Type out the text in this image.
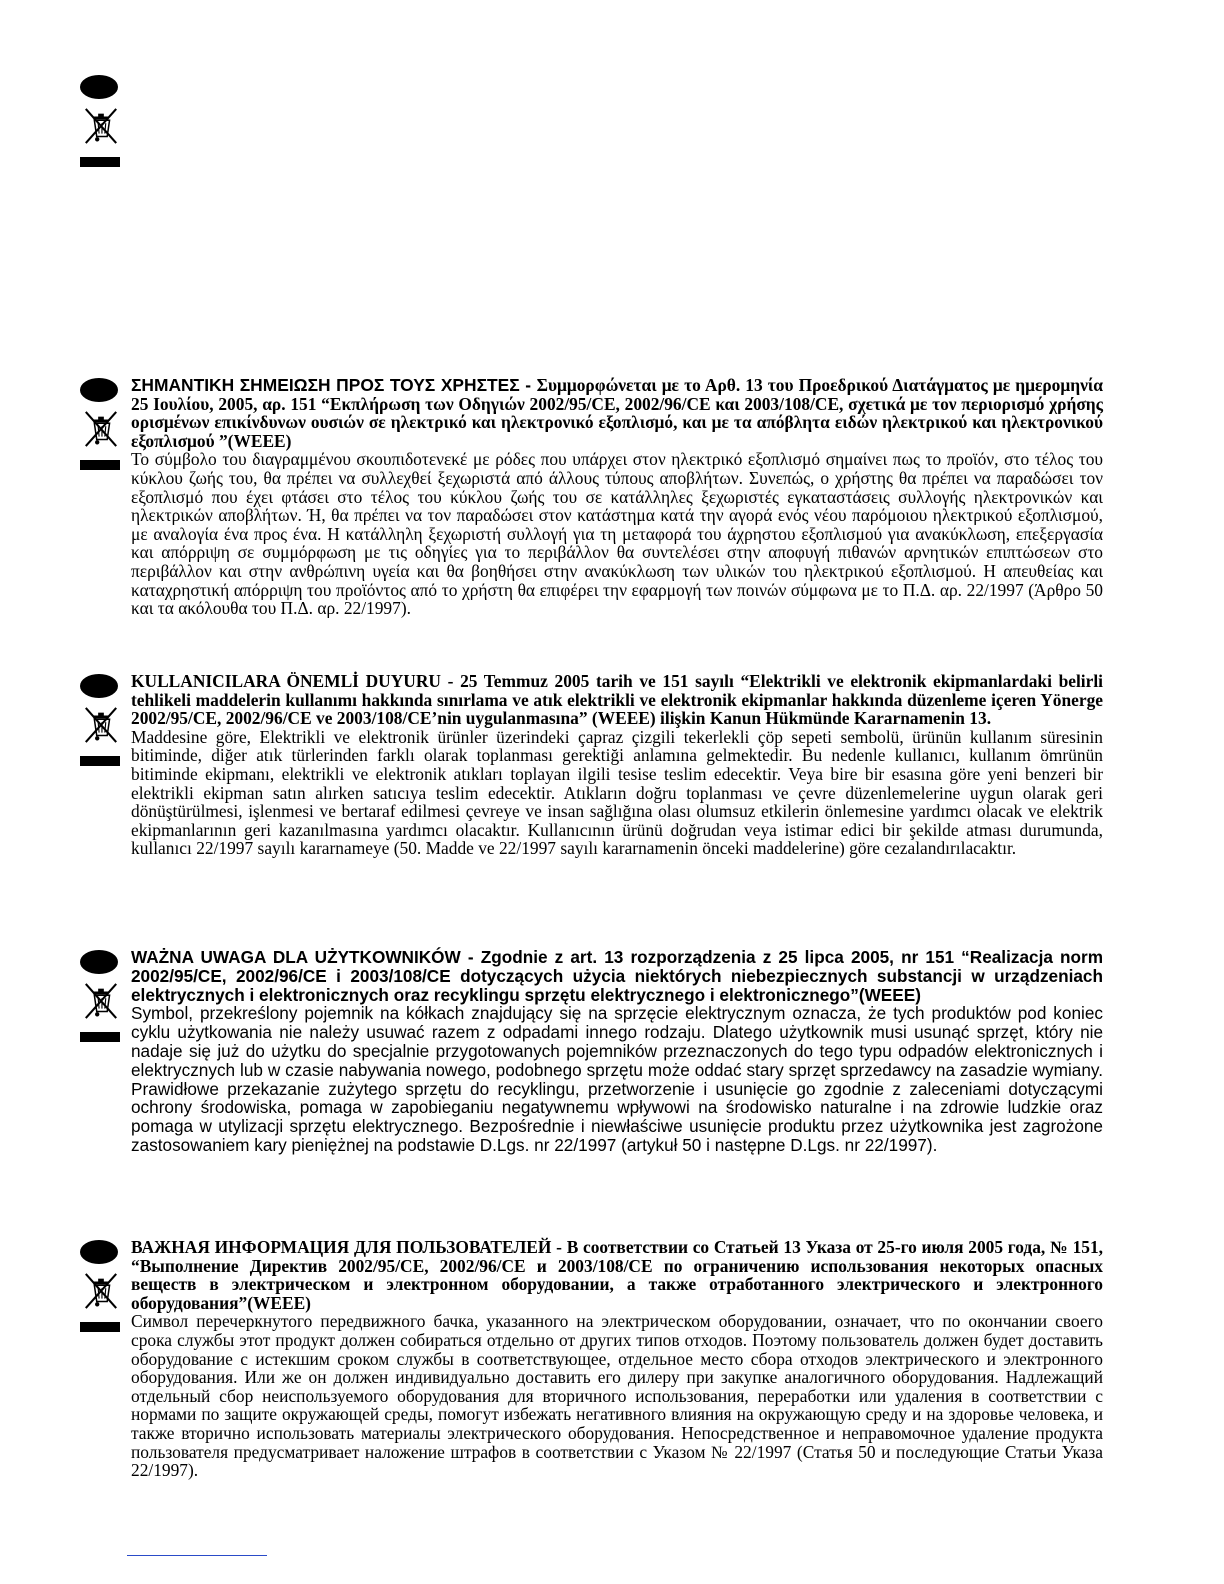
ΣΗΜΑΝΤΙΚΗ ΣΗΜΕΙΩΣΗ ΠΡΟΣ ΤΟΥΣ ΧΡΗΣΤΕΣ - Συμμορφώνεται με το Αρθ. 13 του Προεδρικού Διατάγματος με ημερομηνία 25 Ιουλίου, 2005, αρ. 151 “Εκπλήρωση των Οδηγιών 2002/95/CE, 2002/96/CE και 2003/108/CE, σχετικά με τον περιορισμό χρήσης ορισμένων επικίνδυνων ουσιών σε ηλεκτρικό και ηλεκτρονικό εξοπλισμό, και με τα απόβλητα ειδών ηλεκτρικού και ηλεκτρονικού εξοπλισμού ”(WEEE)

Το σύμβολο του διαγραμμένου σκουπιδοτενεκέ με ρόδες που υπάρχει στον ηλεκτρικό εξοπλισμό σημαίνει πως το προϊόν, στο τέλος του κύκλου ζωής του, θα πρέπει να συλλεχθεί ξεχωριστά από άλλους τύπους αποβλήτων. Συνεπώς, ο χρήστης θα πρέπει να παραδώσει τον εξοπλισμό που έχει φτάσει στο τέλος του κύκλου ζωής του σε κατάλληλες ξεχωριστές εγκαταστάσεις συλλογής ηλεκτρονικών και ηλεκτρικών αποβλήτων. Ή, θα πρέπει να τον παραδώσει στον κατάστημα κατά την αγορά ενός νέου παρόμοιου ηλεκτρικού εξοπλισμού, με αναλογία ένα προς ένα. Η κατάλληλη ξεχωριστή συλλογή για τη μεταφορά του άχρηστου εξοπλισμού για ανακύκλωση, επεξεργασία και απόρριψη σε συμμόρφωση με τις οδηγίες για το περιβάλλον θα συντελέσει στην αποφυγή πιθανών αρνητικών επιπτώσεων στο περιβάλλον και στην ανθρώπινη υγεία και θα βοηθήσει στην ανακύκλωση των υλικών του ηλεκτρικού εξοπλισμού. Η απευθείας και καταχρηστική απόρριψη του προϊόντος από το χρήστη θα επιφέρει την εφαρμογή των ποινών σύμφωνα με το Π.Δ. αρ. 22/1997 (Άρθρο 50 και τα ακόλουθα του Π.Δ. αρ. 22/1997).

KULLANICILARA ÖNEMLİ DUYURU - 25 Temmuz 2005 tarih ve 151 sayılı “Elektrikli ve elektronik ekipmanlardaki belirli tehlikeli maddelerin kullanımı hakkında sınırlama ve atık elektrikli ve elektronik ekipmanlar hakkında düzenleme içeren Yönerge 2002/95/CE, 2002/96/CE ve 2003/108/CE’nin uygulanmasına” (WEEE) ilişkin Kanun Hükmünde Kararnamenin 13.

Maddesine göre, Elektrikli ve elektronik ürünler üzerindeki çapraz çizgili tekerlekli çöp sepeti sembolü, ürünün kullanım süresinin bitiminde, diğer atık türlerinden farklı olarak toplanması gerektiği anlamına gelmektedir. Bu nedenle kullanıcı, kullanım ömrünün bitiminde ekipmanı, elektrikli ve elektronik atıkları toplayan ilgili tesise teslim edecektir. Veya bire bir esasına göre yeni benzeri bir elektrikli ekipman satın alırken satıcıya teslim edecektir. Atıkların doğru toplanması ve çevre düzenlemelerine uygun olarak geri dönüştürülmesi, işlenmesi ve bertaraf edilmesi çevreye ve insan sağlığına olası olumsuz etkilerin önlemesine yardımcı olacak ve elektrik ekipmanlarının geri kazanılmasına yardımcı olacaktır. Kullanıcının ürünü doğrudan veya istimar edici bir şekilde atması durumunda, kullanıcı 22/1997 sayılı kararnameye (50. Madde ve 22/1997 sayılı kararnamenin önceki maddelerine) göre cezalandırılacaktır.

WAŻNA UWAGA DLA UŻYTKOWNIKÓW - Zgodnie z art. 13 rozporządzenia z 25 lipca 2005, nr 151 “Realizacja norm 2002/95/CE, 2002/96/CE i 2003/108/CE dotyczących użycia niektórych niebezpiecznych substancji w urządzeniach elektrycznych i elektronicznych oraz recyklingu sprzętu elektrycznego i elektronicznego”(WEEE)

Symbol, przekreślony pojemnik na kółkach znajdujący się na sprzęcie elektrycznym oznacza, że tych produktów pod koniec cyklu użytkowania nie należy usuwać razem z odpadami innego rodzaju. Dlatego użytkownik musi usunąć sprzęt, który nie nadaje się już do użytku do specjalnie przygotowanych pojemników przeznaczonych do tego typu odpadów elektronicznych i elektrycznych lub w czasie nabywania nowego, podobnego sprzętu może oddać stary sprzęt sprzedawcy na zasadzie wymiany. Prawidłowe przekazanie zużytego sprzętu do recyklingu, przetworzenie i usunięcie go zgodnie z zaleceniami dotyczącymi ochrony środowiska, pomaga w zapobieganiu negatywnemu wpływowi na środowisko naturalne i na zdrowie ludzkie oraz pomaga w utylizacji sprzętu elektrycznego. Bezpośrednie i niewłaściwe usunięcie produktu przez użytkownika jest zagrożone zastosowaniem kary pieniężnej na podstawie D.Lgs. nr 22/1997 (artykuł 50 i następne D.Lgs. nr 22/1997).

ВАЖНАЯ ИНФОРМАЦИЯ ДЛЯ ПОЛЬЗОВАТЕЛЕЙ - В соответствии со Статьей 13 Указа от 25-го июля 2005 года, № 151, “Выполнение Директив 2002/95/CE, 2002/96/CE и 2003/108/CE по ограничению использования некоторых опасных веществ в электрическом и электронном оборудовании, а также отработанного электрического и электронного оборудования”(WEEE)

Символ перечеркнутого передвижного бачка, указанного на электрическом оборудовании, означает, что по окончании своего срока службы этот продукт должен собираться отдельно от других типов отходов. Поэтому пользователь должен будет доставить оборудование с истекшим сроком службы в соответствующее, отдельное место сбора отходов электрического и электронного оборудования. Или же он должен индивидуально доставить его дилеру при закупке аналогичного оборудования. Надлежащий отдельный сбор неиспользуемого оборудования для вторичного использования, переработки или удаления в соответствии с нормами по защите окружающей среды, помогут избежать негативного влияния на окружающую среду и на здоровье человека, и также вторично использовать материалы электрического оборудования. Непосредственное и неправомочное удаление продукта пользователя предусматривает наложение штрафов в соответствии с Указом № 22/1997 (Статья 50 и последующие Статьи Указа 22/1997).
